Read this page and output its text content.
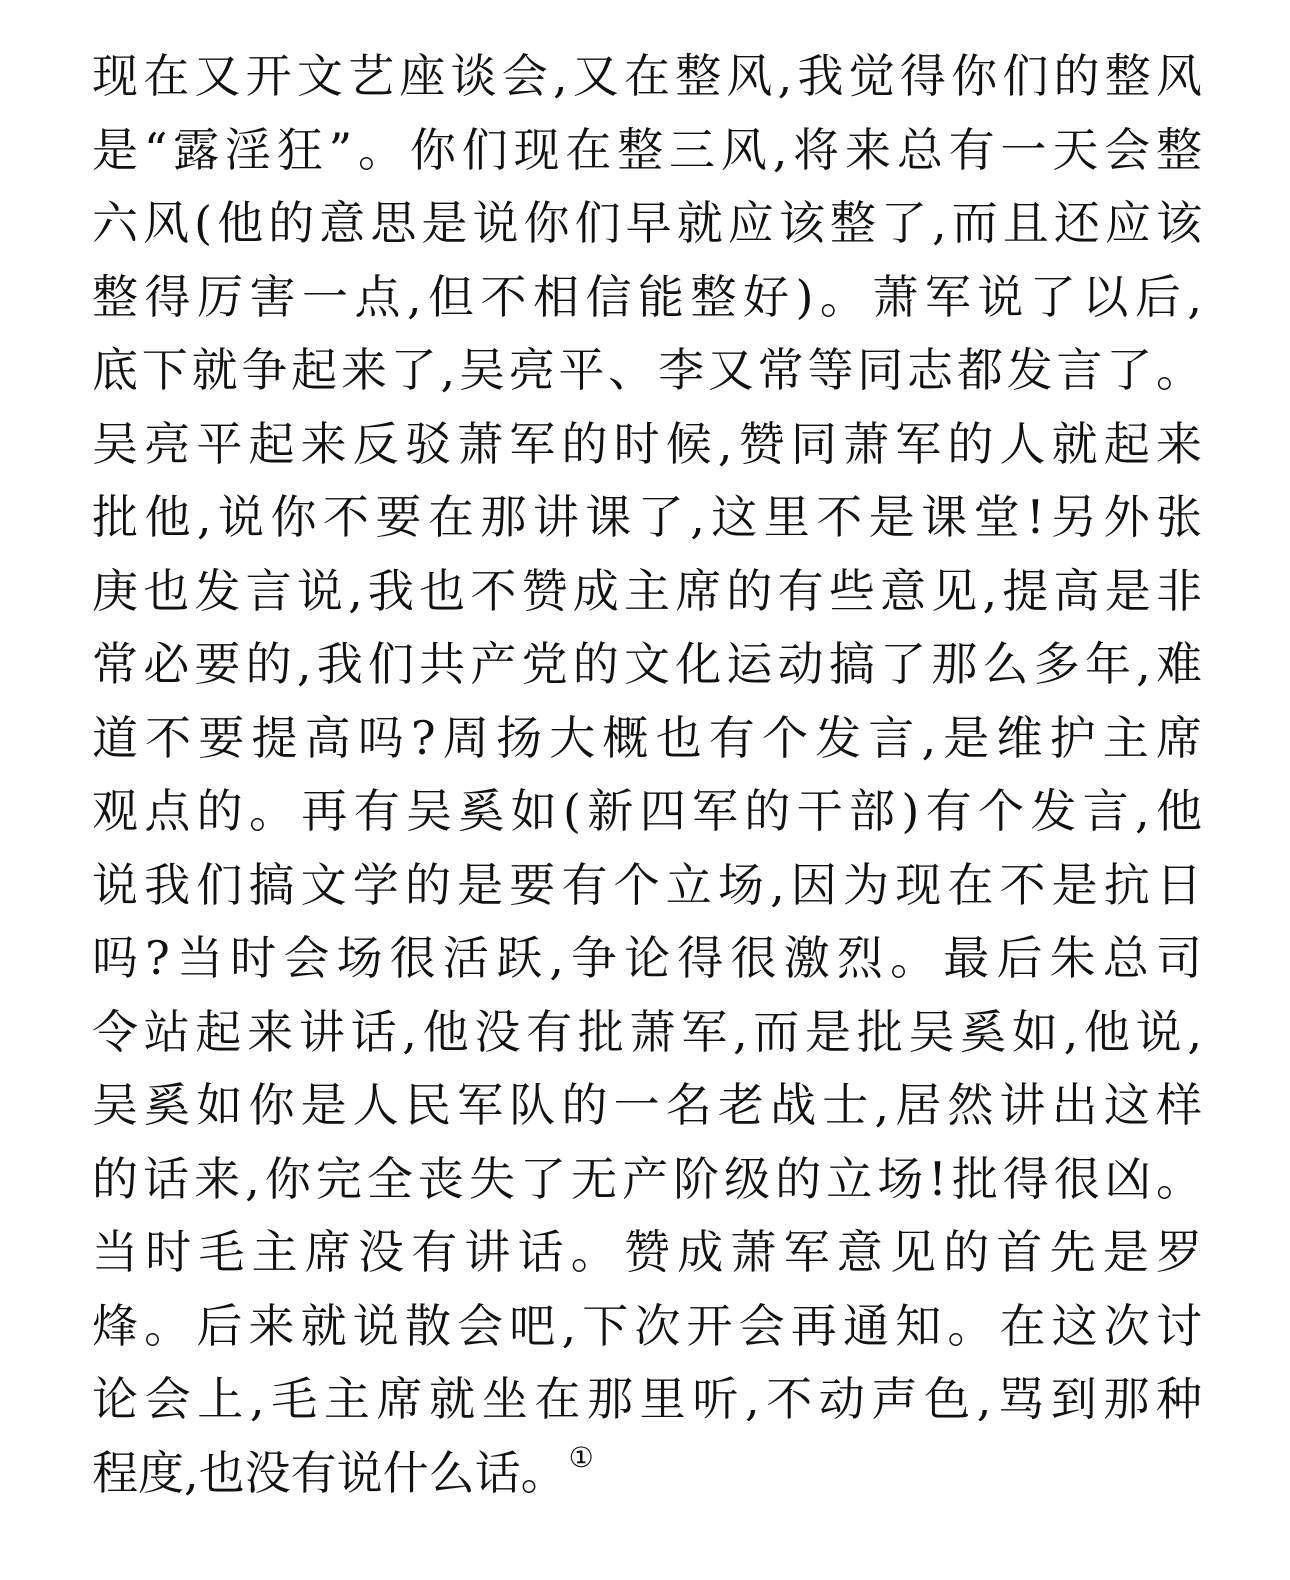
现在又开文艺座谈会,又在整风,我觉得你们的整风
是“露淫狂”。你们现在整三风,将来总有一天会整
六风(他的意思是说你们早就应该整了,而且还应该
整得厉害一点,但不相信能整好)。萧军说了以后,
底下就争起来了,吴亮平、李又常等同志都发言了。
吴亮平起来反驳萧军的时候,赞同萧军的人就起来
批他,说你不要在那讲课了,这里不是课堂!另外张
庚也发言说,我也不赞成主席的有些意见,提高是非
常必要的,我们共产党的文化运动搞了那么多年,难
道不要提高吗?周扬大概也有个发言,是维护主席
观点的。再有吴奚如(新四军的干部)有个发言,他
说我们搞文学的是要有个立场,因为现在不是抗日
吗?当时会场很活跃,争论得很激烈。最后朱总司
令站起来讲话,他没有批萧军,而是批吴奚如,他说,
吴奚如你是人民军队的一名老战士,居然讲出这样
的话来,你完全丧失了无产阶级的立场!批得很凶。
当时毛主席没有讲话。赞成萧军意见的首先是罗
烽。后来就说散会吧,下次开会再通知。在这次讨
论会上,毛主席就坐在那里听,不动声色,骂到那种
程度,也没有说什么话。①
